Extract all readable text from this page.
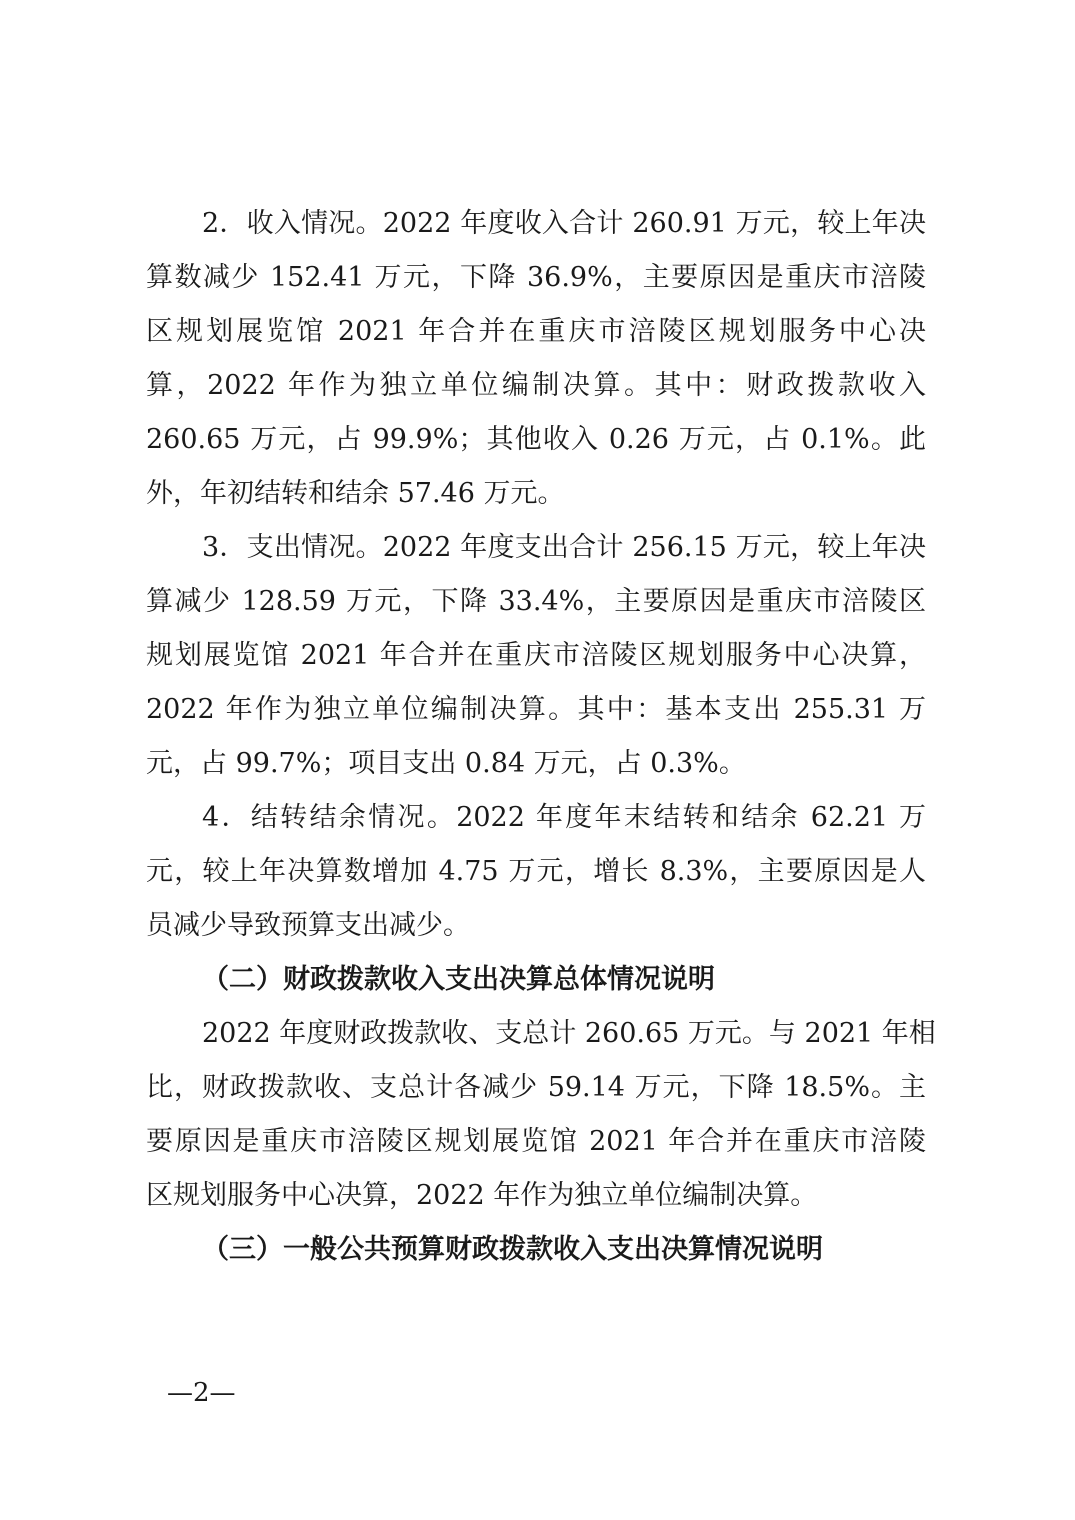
2．收入情况。2022 年度收入合计 260.91 万元，较上年决
算数减少 152.41 万元，下降 36.9%，主要原因是重庆市涪陵
区规划展览馆 2021 年合并在重庆市涪陵区规划服务中心决
算，2022 年作为独立单位编制决算。其中：财政拨款收入
260.65 万元，占 99.9%；其他收入 0.26 万元，占 0.1%。此
外，年初结转和结余 57.46 万元。
3．支出情况。2022 年度支出合计 256.15 万元，较上年决
算减少 128.59 万元，下降 33.4%，主要原因是重庆市涪陵区
规划展览馆 2021 年合并在重庆市涪陵区规划服务中心决算，
2022 年作为独立单位编制决算。其中：基本支出 255.31 万
元，占 99.7%；项目支出 0.84 万元，占 0.3%。
4．结转结余情况。2022 年度年末结转和结余 62.21 万
元，较上年决算数增加 4.75 万元，增长 8.3%，主要原因是人
员减少导致预算支出减少。
（二）财政拨款收入支出决算总体情况说明
2022 年度财政拨款收、支总计 260.65 万元。与 2021 年相
比，财政拨款收、支总计各减少 59.14 万元，下降 18.5%。主
要原因是重庆市涪陵区规划展览馆 2021 年合并在重庆市涪陵
区规划服务中心决算，2022 年作为独立单位编制决算。
（三）一般公共预算财政拨款收入支出决算情况说明
—2—
